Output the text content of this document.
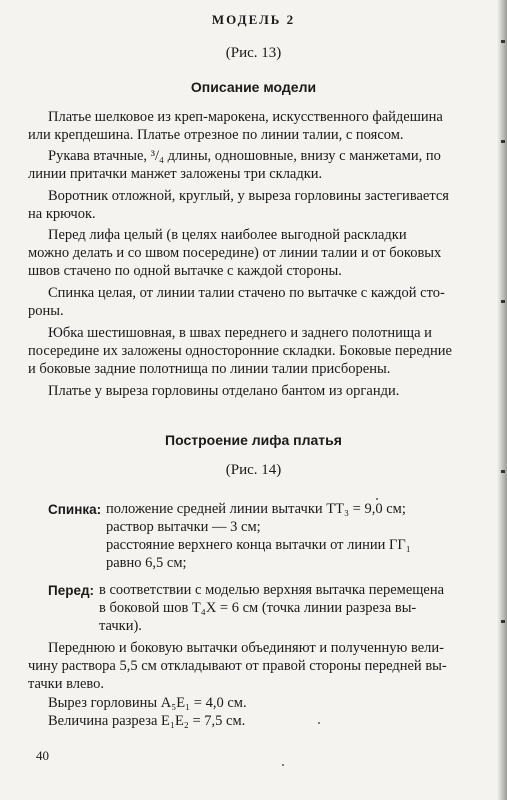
МОДЕЛЬ 2
(Рис. 13)
Описание модели
Платье шелковое из креп-марокена, искусственного файдешина
или крепдешина. Платье отрезное по линии талии, с поясом.
Рукава втачные, ³/₄ длины, одношовные, внизу с манжетами, по
линии притачки манжет заложены три складки.
Воротник отложной, круглый, у выреза горловины застегивается
на крючок.
Перед лифа целый (в целях наиболее выгодной раскладки
можно делать и со швом посередине) от линии талии и от боковых
швов стачено по одной вытачке с каждой стороны.
Спинка целая, от линии талии стачено по вытачке с каждой сто-
роны.
Юбка шестишовная, в швах переднего и заднего полотнища и
посередине их заложены односторонние складки. Боковые передние
и боковые задние полотнища по линии талии присборены.
Платье у выреза горловины отделано бантом из органди.
Построение лифа платья
(Рис. 14)
Спинка: положение средней линии вытачки ТТ₃ = 9,0 см;
раствор вытачки — 3 см;
расстояние верхнего конца вытачки от линии ГГ₁
равно 6,5 см;
Перед: в соответствии с моделью верхняя вытачка перемещена
в боковой шов Т₄Х = 6 см (точка линии разреза вы-
тачки).
Переднюю и боковую вытачки объединяют и полученную вели-
чину раствора 5,5 см откладывают от правой стороны передней вы-
тачки влево.
Вырез горловины А₅Е₁ = 4,0 см.
Величина разреза Е₁Е₂ = 7,5 см.
40
